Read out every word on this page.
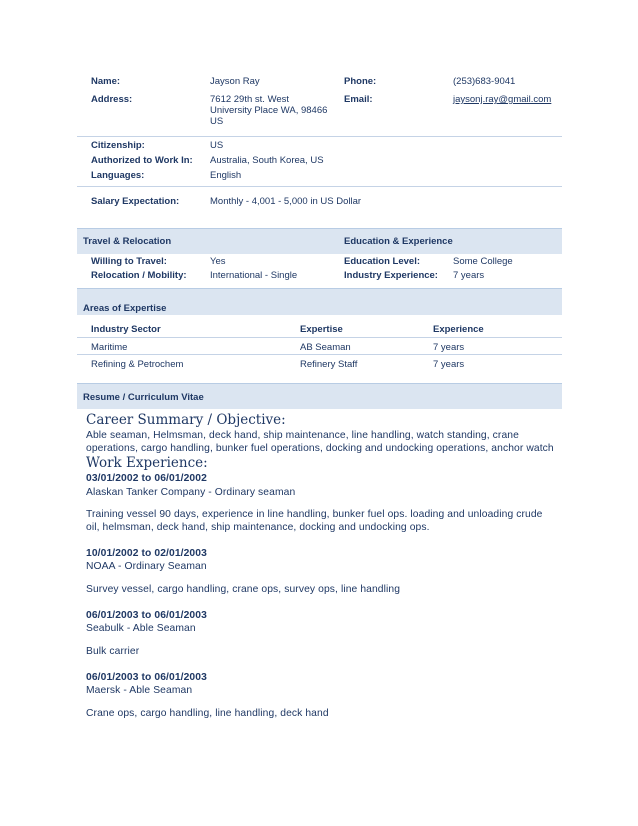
Name:	Jayson Ray	Phone:	(253)683-9041
Address:	7612 29th st. West
University Place WA, 98466
US
Email:	jaysonj.ray@gmail.com
Citizenship:	US
Authorized to Work In: Australia, South Korea, US
Languages:	English
Salary Expectation:	Monthly - 4,001 - 5,000 in US Dollar
Travel & Relocation	Education & Experience
Willing to Travel:	Yes
Relocation / Mobility: International - Single
Education Level:	Some College
Industry Experience: 7 years
Areas of Expertise
Industry Sector	Expertise	Experience
Maritime	AB Seaman	7 years
Refining & Petrochem	Refinery Staff	7 years
Resume / Curriculum Vitae
Career Summary / Objective:
Able seaman, Helmsman, deck hand, ship maintenance, line handling, watch standing, crane
operations, cargo handling, bunker fuel operations, docking and undocking operations, anchor watch
Work Experience:
03/01/2002 to 06/01/2002
Alaskan Tanker Company - Ordinary seaman
Training vessel 90 days, experience in line handling, bunker fuel ops. loading and unloading crude
oil, helmsman, deck hand, ship maintenance, docking and undocking ops.
10/01/2002 to 02/01/2003
NOAA - Ordinary Seaman
Survey vessel, cargo handling, crane ops, survey ops, line handling
06/01/2003 to 06/01/2003
Seabulk - Able Seaman
Bulk carrier
06/01/2003 to 06/01/2003
Maersk - Able Seaman
Crane ops, cargo handling, line handling, deck hand
